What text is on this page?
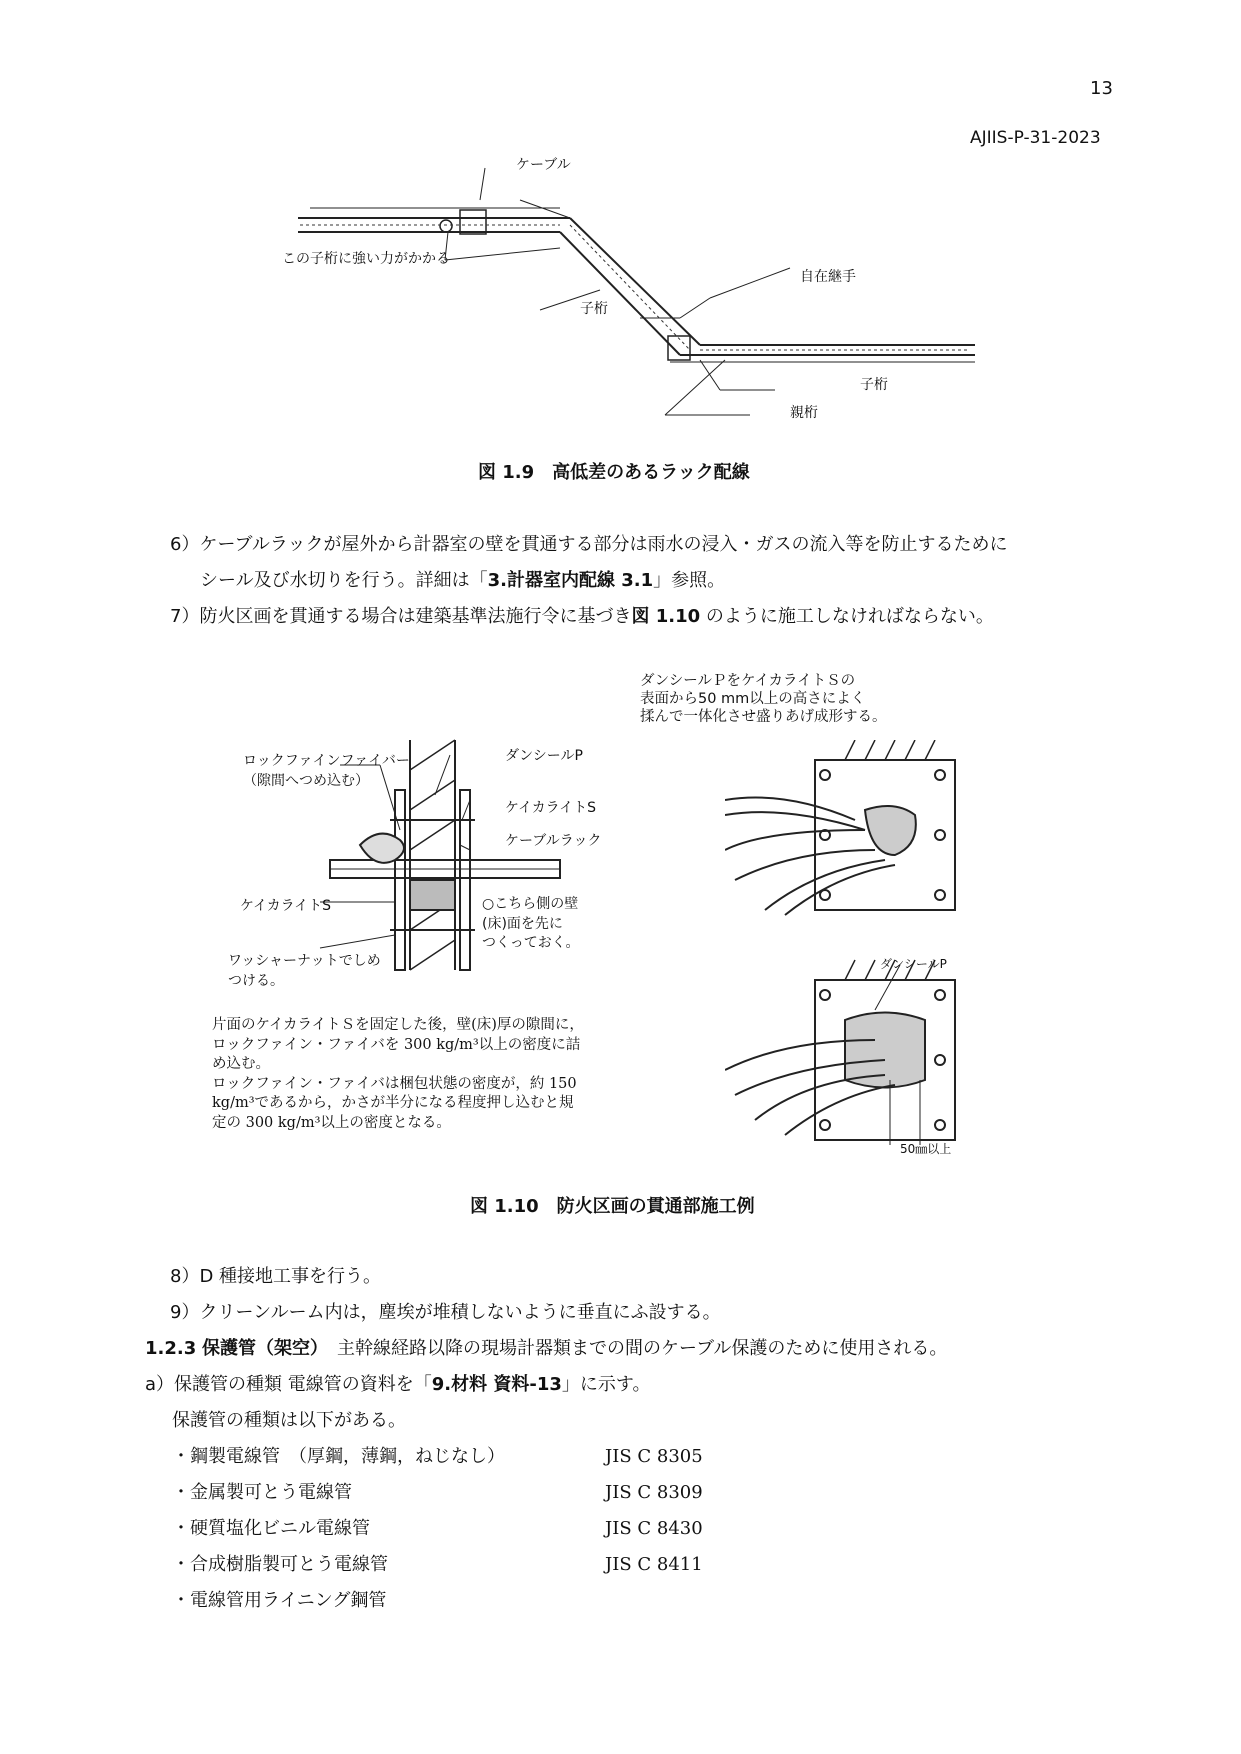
13
AJIIS-P-31-2023
ケーブル
この子桁に強い力がかかる
自在継手
子桁
子桁
親桁
図 1.9　高低差のあるラック配線
6）ケーブルラックが屋外から計器室の壁を貫通する部分は雨水の浸入・ガスの流入等を防止するために
シール及び水切りを行う。詳細は「3.計器室内配線 3.1」参照。
7）防火区画を貫通する場合は建築基準法施行令に基づき図 1.10 のように施工しなければならない。
ダンシールＰをケイカライトＳの
表面から50 mm以上の高さによく
揉んで一体化させ盛りあげ成形する。
ロックファインファイバー
（隙間へつめ込む）
ダンシールP
ケイカライトS
ケーブルラック
ケイカライトS	○こちら側の壁
(床)面を先に
つくっておく。
ワッシャーナットでしめ
つける。
片面のケイカライトＳを固定した後，壁(床)厚の隙間に，
ロックファイン・ファイバを 300 kg/m³以上の密度に詰
め込む。
ロックファイン・ファイバは梱包状態の密度が，約 150
kg/m³であるから，かさが半分になる程度押し込むと規
定の 300 kg/m³以上の密度となる。
ダンシールP
50㎜以上
図 1.10　防火区画の貫通部施工例
8）D 種接地工事を行う。
9）クリーンルーム内は，塵埃が堆積しないように垂直にふ設する。
1.2.3 保護管（架空）　主幹線経路以降の現場計器類までの間のケーブル保護のために使用される。
a）保護管の種類 電線管の資料を「9.材料 資料-13」に示す。
保護管の種類は以下がある。
・鋼製電線管　（厚鋼，薄鋼，ねじなし）	JIS C 8305
・金属製可とう電線管	JIS C 8309
・硬質塩化ビニル電線管	JIS C 8430
・合成樹脂製可とう電線管	JIS C 8411
・電線管用ライニング鋼管
